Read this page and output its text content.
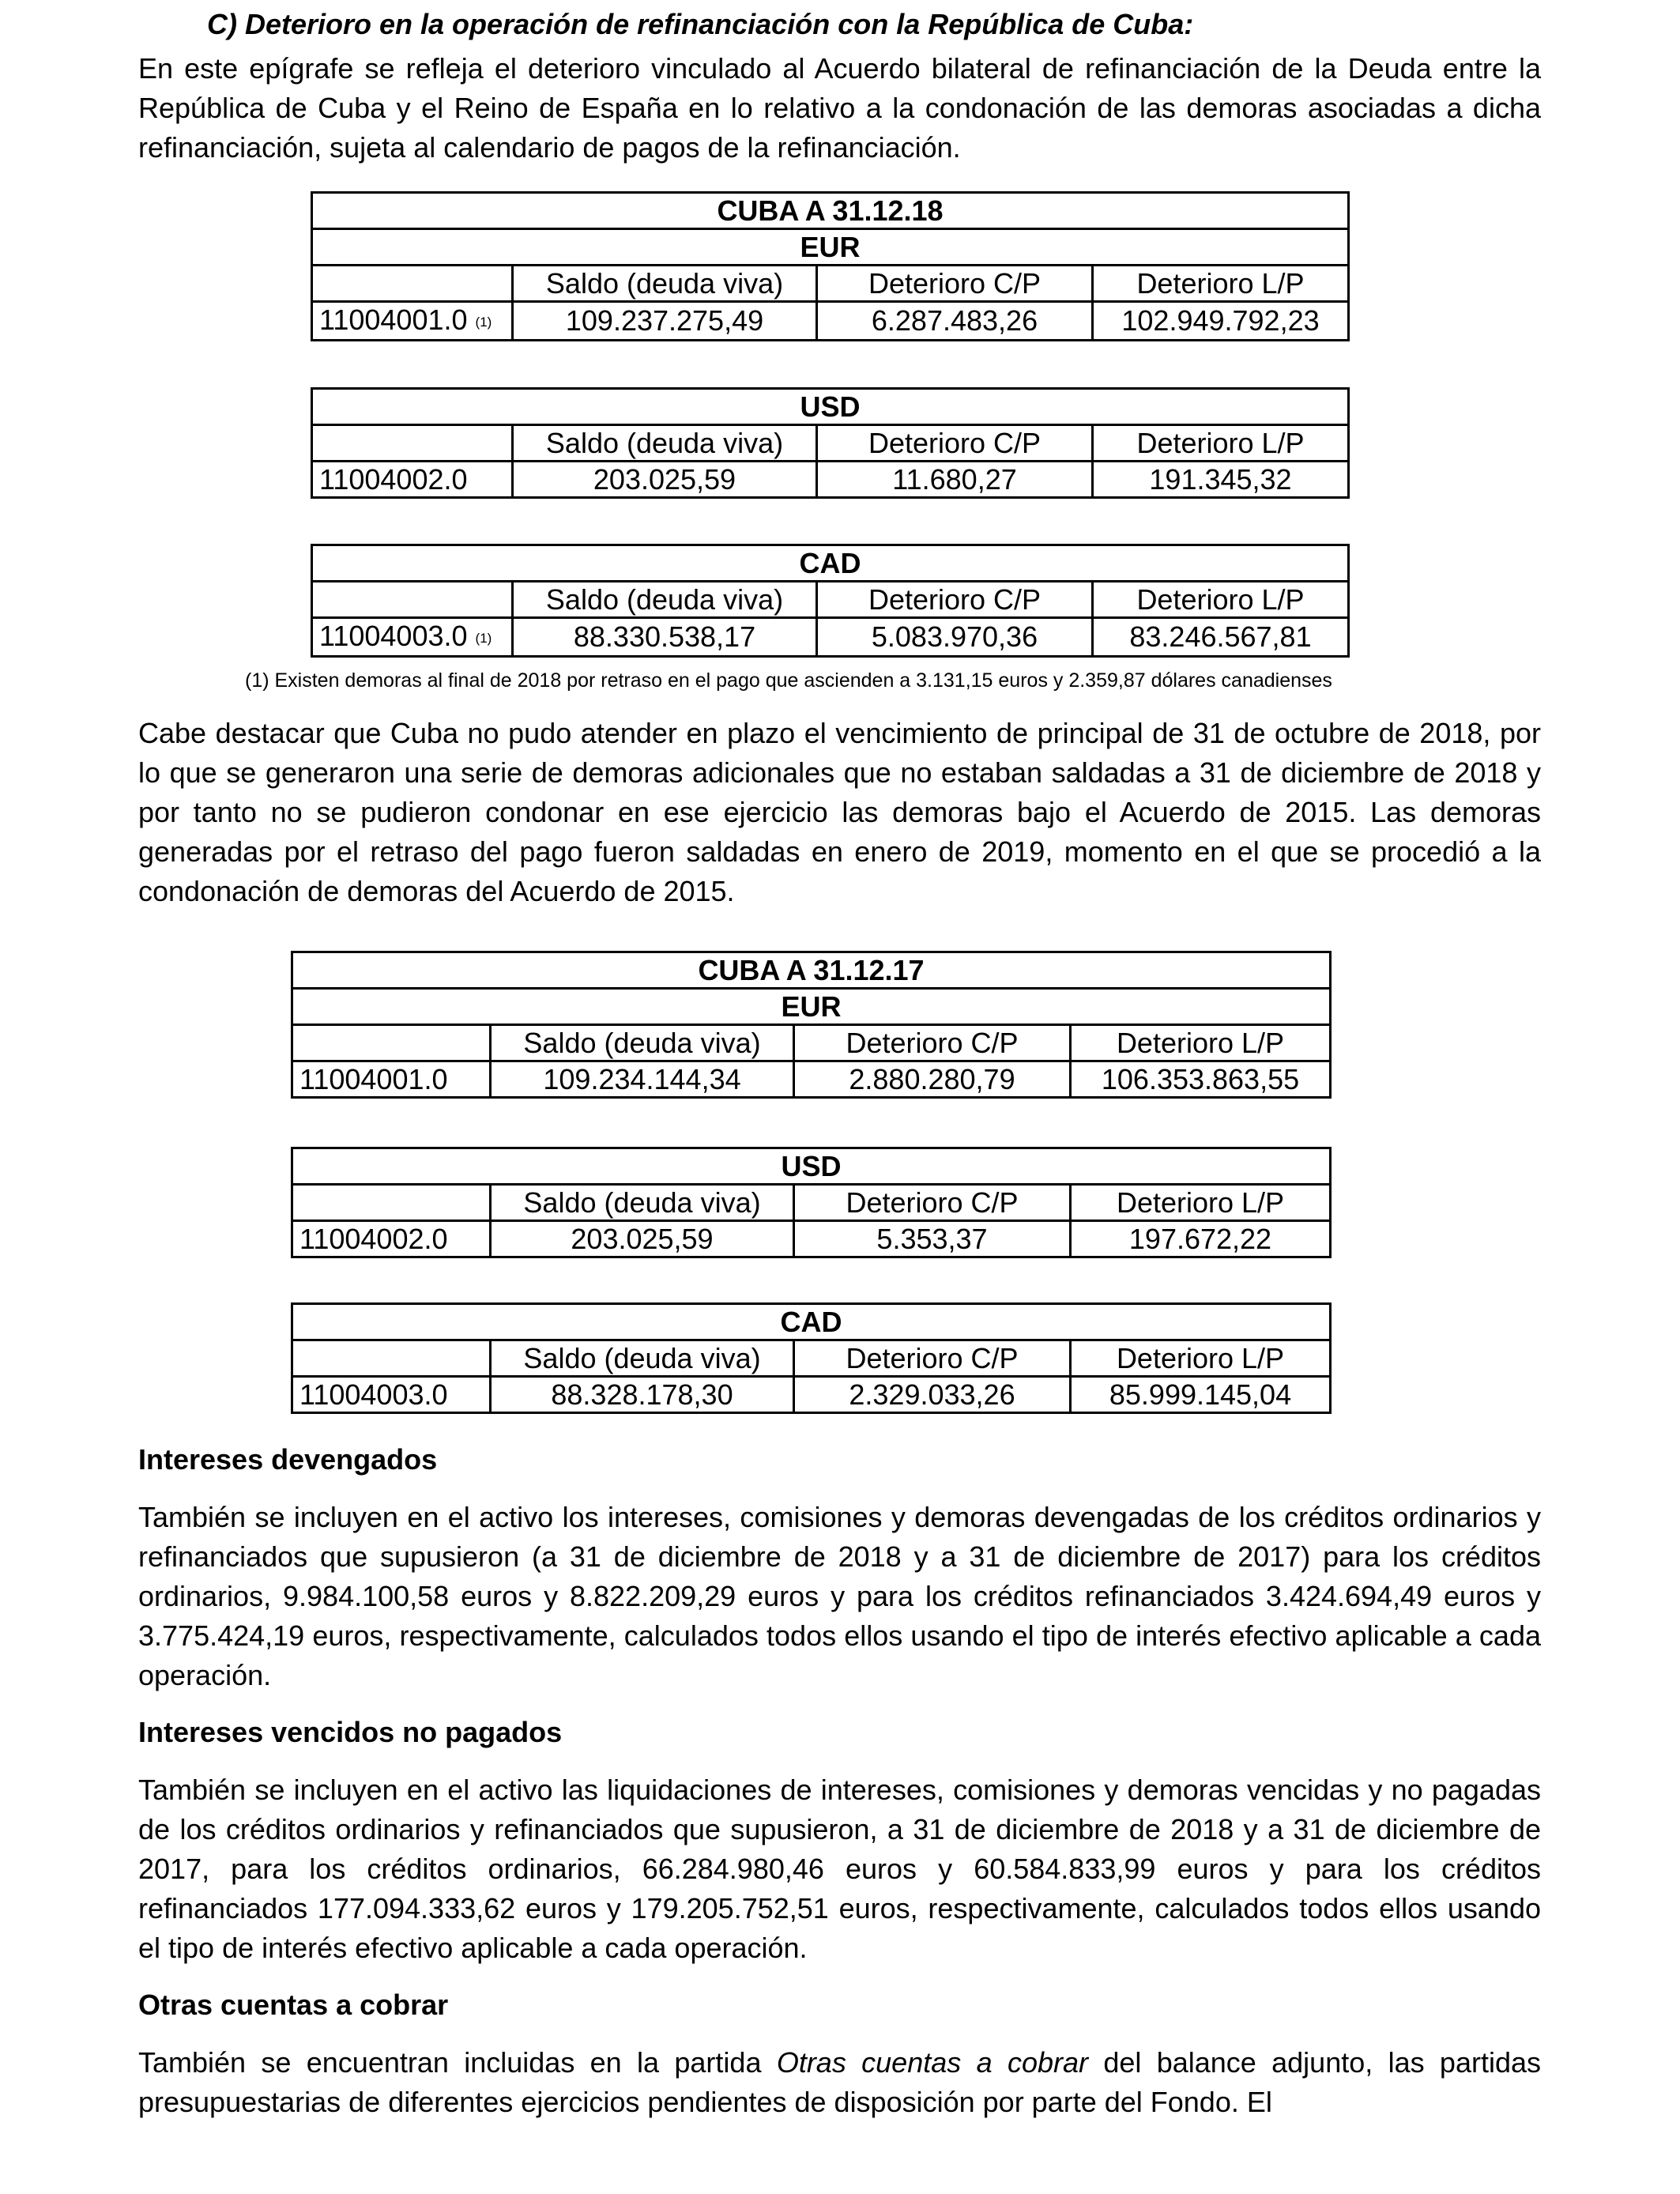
C) Deterioro en la operación de refinanciación con la República de Cuba:
En este epígrafe se refleja el deterioro vinculado al Acuerdo bilateral de refinanciación de la Deuda entre la República de Cuba y el Reino de España en lo relativo a la condonación de las demoras asociadas a dicha refinanciación, sujeta al calendario de pagos de la refinanciación.
CUBA A 31.12.18			
EUR			
	Saldo (deuda viva)	Deterioro C/P	Deterioro L/P
11004001.0 (1)	109.237.275,49	6.287.483,26	102.949.792,23
USD			
	Saldo (deuda viva)	Deterioro C/P	Deterioro L/P
11004002.0	203.025,59	11.680,27	191.345,32
CAD			
	Saldo (deuda viva)	Deterioro C/P	Deterioro L/P
11004003.0 (1)	88.330.538,17	5.083.970,36	83.246.567,81
(1) Existen demoras al final de 2018 por retraso en el pago que ascienden a 3.131,15 euros y 2.359,87 dólares canadienses
Cabe destacar que Cuba no pudo atender en plazo el vencimiento de principal de 31 de octubre de 2018, por lo que se generaron una serie de demoras adicionales que no estaban saldadas a 31 de diciembre de 2018 y por tanto no se pudieron condonar en ese ejercicio las demoras bajo el Acuerdo de 2015. Las demoras generadas por el retraso del pago fueron saldadas en enero de 2019, momento en el que se procedió a la condonación de demoras del Acuerdo de 2015.
CUBA A 31.12.17			
EUR			
	Saldo (deuda viva)	Deterioro C/P	Deterioro L/P
11004001.0	109.234.144,34	2.880.280,79	106.353.863,55
USD			
	Saldo (deuda viva)	Deterioro C/P	Deterioro L/P
11004002.0	203.025,59	5.353,37	197.672,22
CAD			
	Saldo (deuda viva)	Deterioro C/P	Deterioro L/P
11004003.0	88.328.178,30	2.329.033,26	85.999.145,04
Intereses devengados
También se incluyen en el activo los intereses, comisiones y demoras devengadas de los créditos ordinarios y refinanciados que supusieron (a 31 de diciembre de 2018 y a 31 de diciembre de 2017) para los créditos ordinarios, 9.984.100,58 euros y 8.822.209,29 euros y para los créditos refinanciados 3.424.694,49 euros y 3.775.424,19 euros, respectivamente, calculados todos ellos usando el tipo de interés efectivo aplicable a cada operación.
Intereses vencidos no pagados
También se incluyen en el activo las liquidaciones de intereses, comisiones y demoras vencidas y no pagadas de los créditos ordinarios y refinanciados que supusieron, a 31 de diciembre de 2018 y a 31 de diciembre de 2017, para los créditos ordinarios, 66.284.980,46 euros y 60.584.833,99 euros y para los créditos refinanciados 177.094.333,62 euros y 179.205.752,51 euros, respectivamente, calculados todos ellos usando el tipo de interés efectivo aplicable a cada operación.
Otras cuentas a cobrar
También se encuentran incluidas en la partida Otras cuentas a cobrar del balance adjunto, las partidas presupuestarias de diferentes ejercicios pendientes de disposición por parte del Fondo. El
